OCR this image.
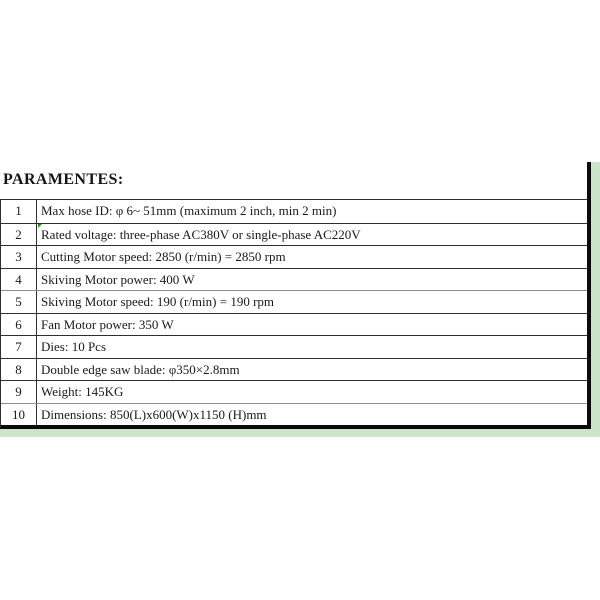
PARAMENTES:
1	Max hose ID: φ 6~ 51mm (maximum 2 inch, min 2 min)
2	Rated voltage: three-phase AC380V or single-phase AC220V
3	Cutting Motor speed: 2850 (r/min) = 2850 rpm
4	Skiving Motor power: 400 W
5	Skiving Motor speed: 190 (r/min) = 190 rpm
6	Fan Motor power: 350 W
7	Dies: 10 Pcs
8	Double edge saw blade: φ350×2.8mm
9	Weight: 145KG
10	Dimensions: 850(L)x600(W)x1150 (H)mm
